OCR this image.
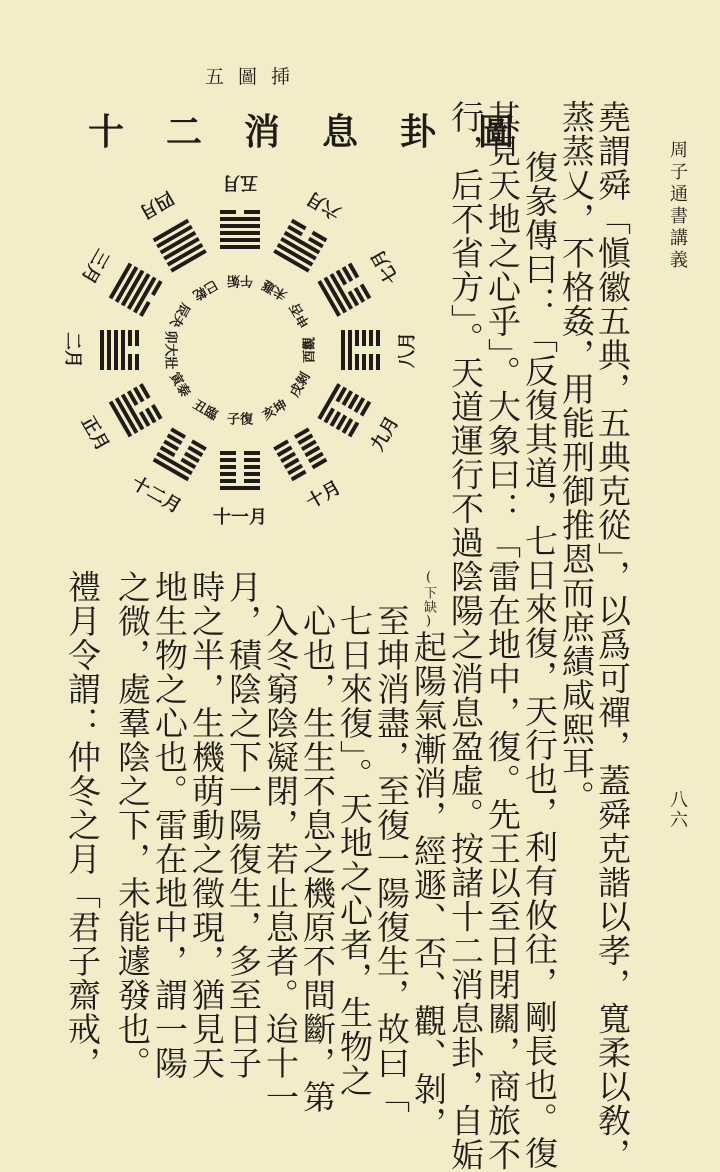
周子通書講義
八六
堯謂舜「愼徽五典，五典克從」，以爲可禪，蓋舜克諧以孝，寬柔以敎，
蒸蒸乂，不格姦，用能刑御推恩而庶績咸熙耳。
復彖傳曰：「反復其道，七日來復，天行也，利有攸往，剛長也。復
其見天地之心乎」。大象曰：「雷在地中，復。先王以至日閉關，商旅不
行，后不省方」。天道運行不過陰陽之消息盈虛。按諸十二消息卦，自姤
(下缺)起陽氣漸消，經遯、否、觀、剝，
至坤消盡，至復一陽復生，故曰「
七日來復」。天地之心者，生物之
心也，生生不息之機原不間斷，第
入冬窮陰凝閉，若止息者。迨十一
月，積陰之下一陽復生，多至日子
時之半，生機萌動之徵現，猶見天
地生物之心也。雷在地中，謂一陽
之微，處羣陰之下，未能遽發也。
禮月令謂：仲冬之月「君子齋戒，
五圖揷
十二消息卦圖
子復
十一月
丑臨
十二月
寅泰
正月
卯大壯
二月
辰夬
三月
巳乾
四月
午姤
五月
未遯
六月
申否
七月
酉觀	八月
戌剝
九月
亥坤
十月
